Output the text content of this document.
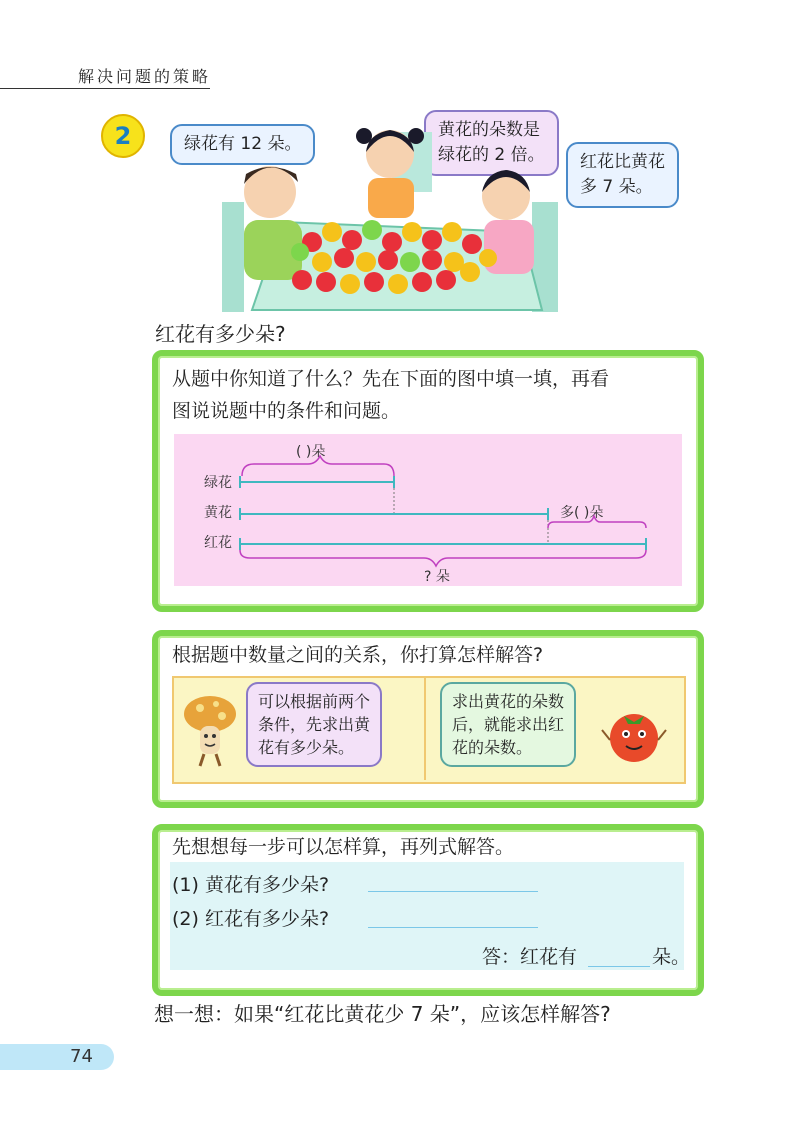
解决问题的策略
2	绿花有 12 朵。
黄花的朵数是
绿花的 2 倍。 红花比黄花
多 7 朵。
红花有多少朵?
从题中你知道了什么？先在下面的图中填一填，再看
图说说题中的条件和问题。
( )朵
绿花
黄花
红花
多( )朵
? 朵
根据题中数量之间的关系，你打算怎样解答?
可以根据前两个
条件，先求出黄
花有多少朵。
求出黄花的朵数
后，就能求出红
花的朵数。
先想想每一步可以怎样算，再列式解答。
(1) 黄花有多少朵?
(2) 红花有多少朵?
答：红花有	朵。
想一想：如果“红花比黄花少 7 朵”，应该怎样解答?
74
